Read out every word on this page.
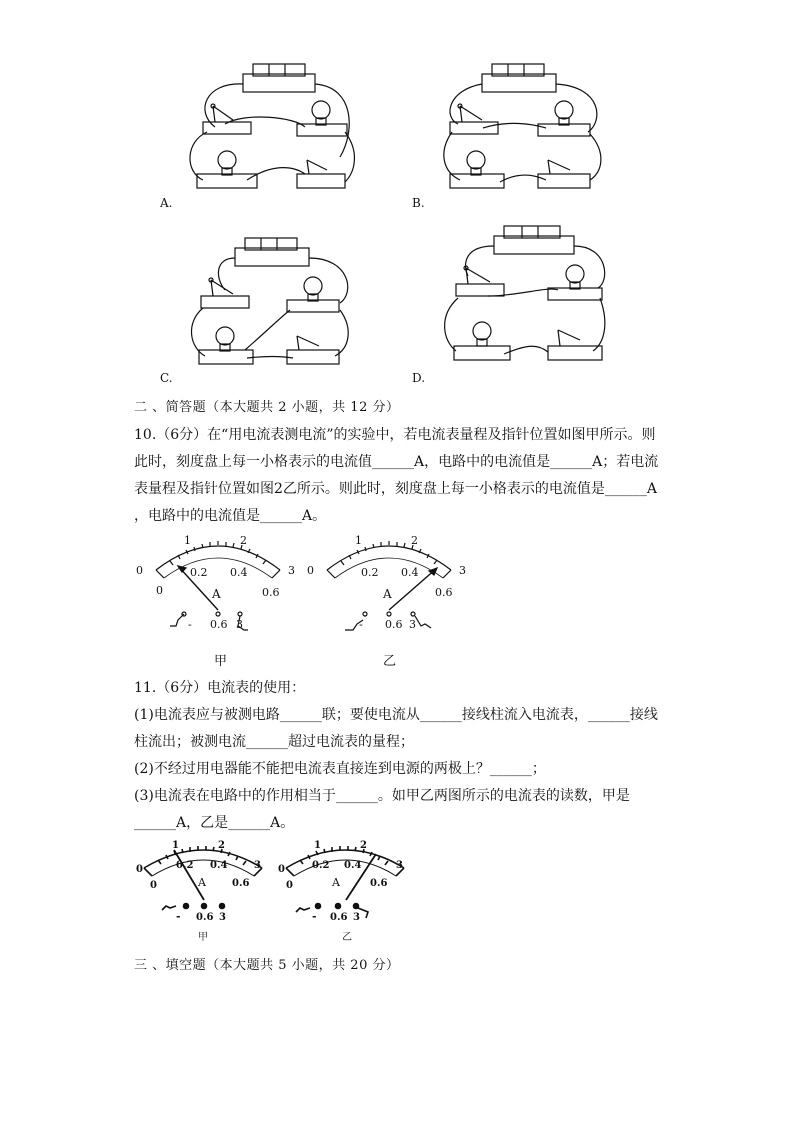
A.	B.
C.	D.
二 、简答题（本大题共 2 小题，共 12 分）
10.（6分）在“用电流表测电流”的实验中，若电流表量程及指针位置如图甲所示。则
此时，刻度盘上每一小格表示的电流值______A，电路中的电流值是______A；若电流
表量程及指针位置如图2乙所示。则此时，刻度盘上每一小格表示的电流值是______A
，电路中的电流值是______A。
0
1	2
3
0
0.2 0.4
0.6
A
- 0.6 3
0
1	2
3
0.2 0.4
0.6
A
- 0.6 3
甲	乙
11.（6分）电流表的使用：
(1)电流表应与被测电路______联；要使电流从______接线柱流入电流表，______接线
柱流出；被测电流______超过电流表的量程；
(2)不经过用电器能不能把电流表直接连到电源的两极上？______；
(3)电流表在电路中的作用相当于______。如甲乙两图所示的电流表的读数，甲是
______A，乙是______A。
0
1	2
3
0
0.2 0.4
0.6
A
- 0.6 3
0
1	2
3
0
0.2 0.4
0.6
A
- 0.6 3
甲	乙
三 、填空题（本大题共 5 小题，共 20 分）
